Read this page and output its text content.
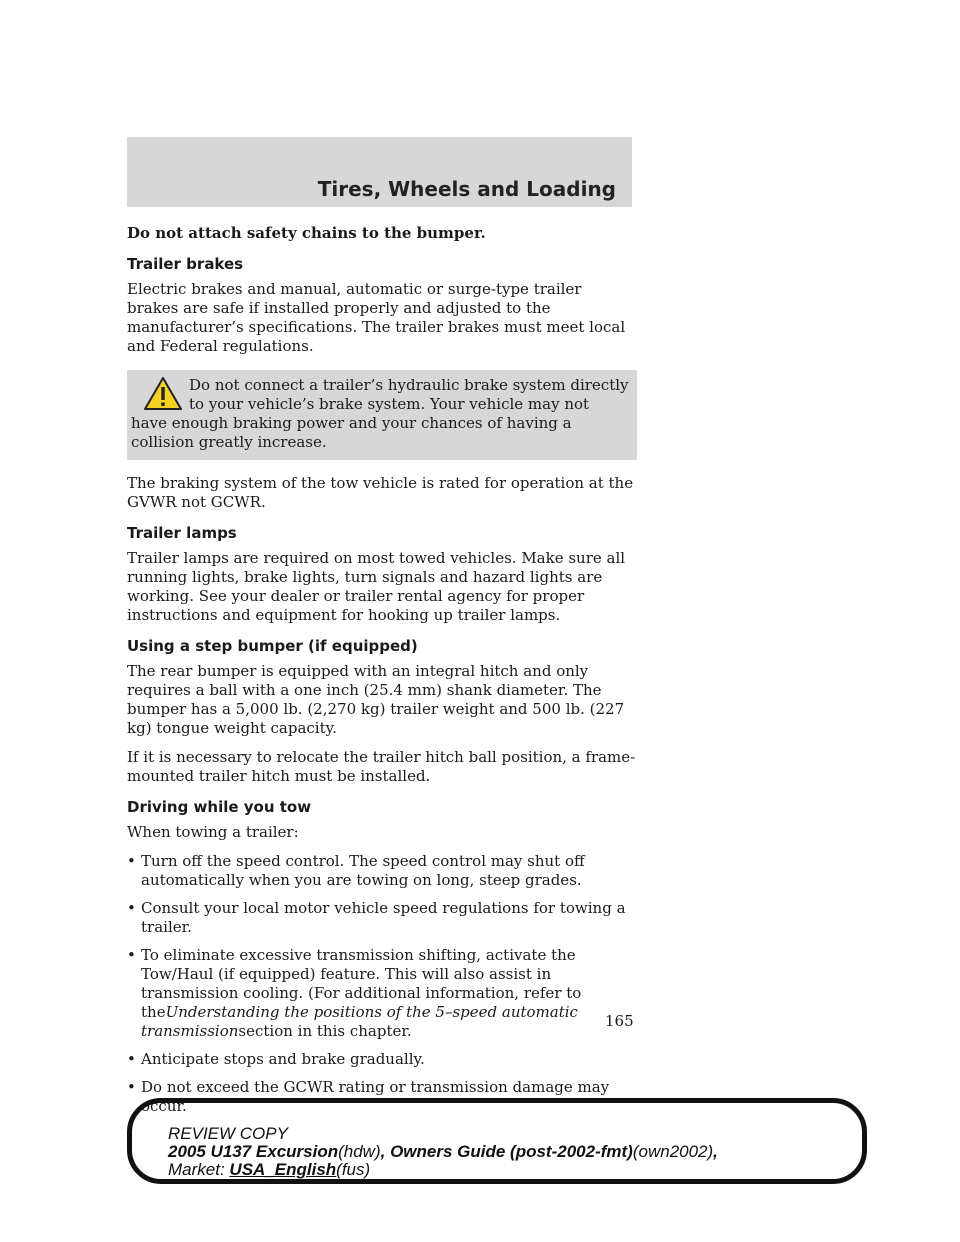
Tires, Wheels and Loading

Do not attach safety chains to the bumper.

Trailer brakes

Electric brakes and manual, automatic or surge-type trailer brakes are safe if installed properly and adjusted to the manufacturer’s specifications. The trailer brakes must meet local and Federal regulations.

Do not connect a trailer’s hydraulic brake system directly to your vehicle’s brake system. Your vehicle may not have enough braking power and your chances of having a collision greatly increase.

The braking system of the tow vehicle is rated for operation at the GVWR not GCWR.

Trailer lamps

Trailer lamps are required on most towed vehicles. Make sure all running lights, brake lights, turn signals and hazard lights are working. See your dealer or trailer rental agency for proper instructions and equipment for hooking up trailer lamps.

Using a step bumper (if equipped)

The rear bumper is equipped with an integral hitch and only requires a ball with a one inch (25.4 mm) shank diameter. The bumper has a 5,000 lb. (2,270 kg) trailer weight and 500 lb. (227 kg) tongue weight capacity.

If it is necessary to relocate the trailer hitch ball position, a frame-mounted trailer hitch must be installed.

Driving while you tow

When towing a trailer:

• Turn off the speed control. The speed control may shut off automatically when you are towing on long, steep grades.
• Consult your local motor vehicle speed regulations for towing a trailer.
• To eliminate excessive transmission shifting, activate the Tow/Haul (if equipped) feature. This will also assist in transmission cooling. (For additional information, refer to theUnderstanding the positions of the 5–speed automatic transmissionsection in this chapter.
• Anticipate stops and brake gradually.
• Do not exceed the GCWR rating or transmission damage may occur.
165
REVIEW COPY
2005 U137 Excursion(hdw), Owners Guide (post-2002-fmt)(own2002),
Market: USA_English(fus)
